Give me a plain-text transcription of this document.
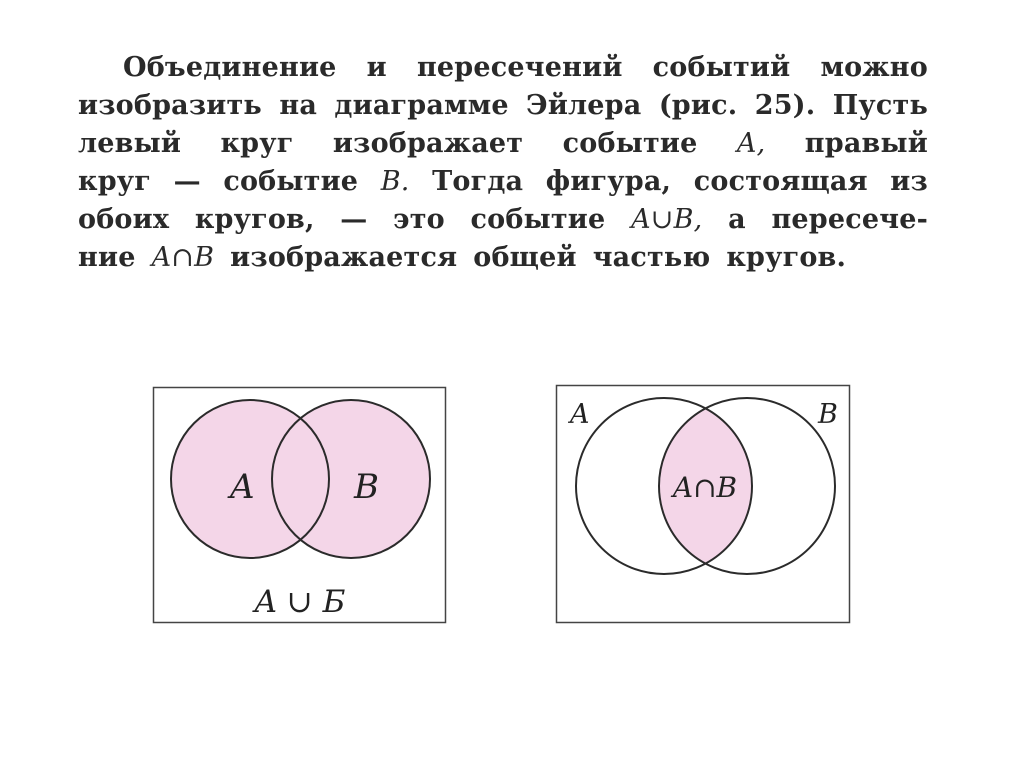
Объединение и пересечений событий можно
изобразить на диаграмме Эйлера (рис. 25). Пусть
левый круг изображает событие A, правый
круг — событие B. Тогда фигура, состоящая из
обоих кругов, — это событие A∪B, а пересече-
ние A∩B изображается общей частью кругов.
A	B
A ∪ Б
A	B
A∩B
